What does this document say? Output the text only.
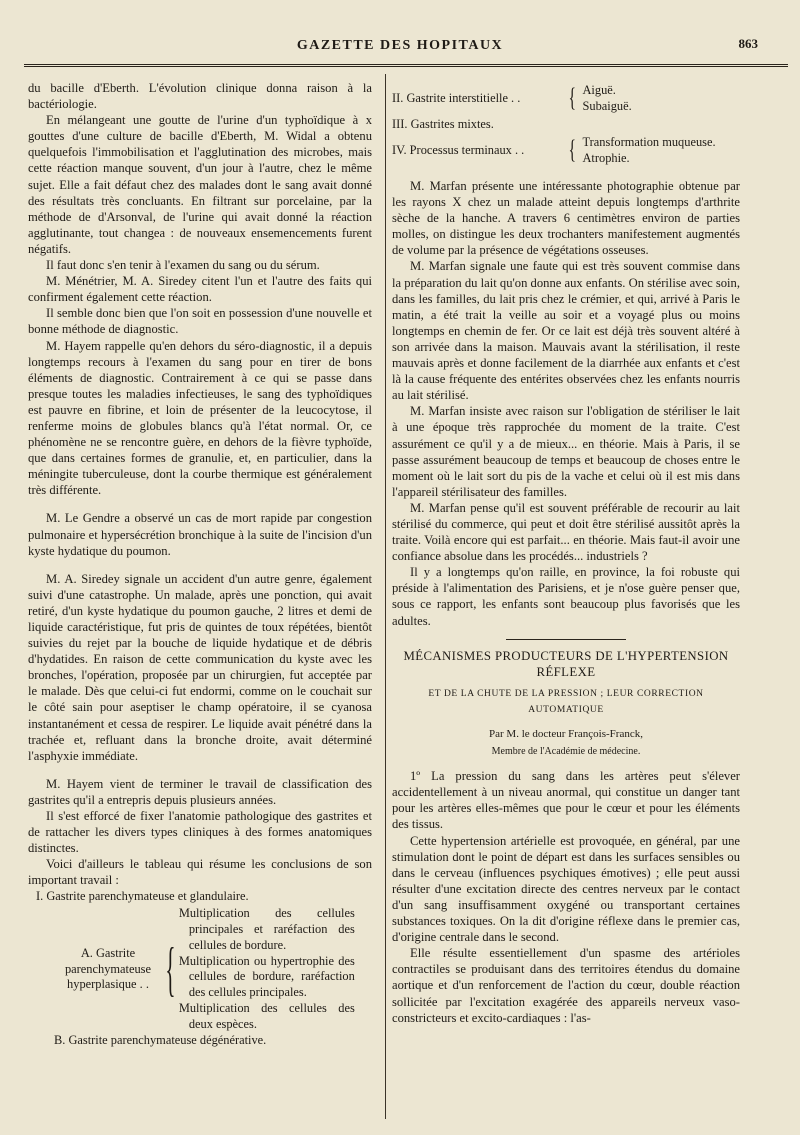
GAZETTE DES HOPITAUX	863

du bacille d'Eberth. L'évolution clinique donna raison à la bactériologie.

En mélangeant une goutte de l'urine d'un typhoïdique à x gouttes d'une culture de bacille d'Eberth, M. Widal a obtenu quelquefois l'immobilisation et l'agglutination des microbes, mais cette réaction manque souvent, d'un jour à l'autre, chez le même sujet. Elle a fait défaut chez des malades dont le sang avait donné des résultats très concluants. En filtrant sur porcelaine, par la méthode de d'Arsonval, de l'urine qui avait donné la réaction agglutinante, tout changea : de nouveaux ensemencements furent négatifs.

Il faut donc s'en tenir à l'examen du sang ou du sérum.

M. Ménétrier, M. A. Siredey citent l'un et l'autre des faits qui confirment également cette réaction.

Il semble donc bien que l'on soit en possession d'une nouvelle et bonne méthode de diagnostic.

M. Hayem rappelle qu'en dehors du séro-diagnostic, il a depuis longtemps recours à l'examen du sang pour en tirer de bons éléments de diagnostic. Contrairement à ce qui se passe dans presque toutes les maladies infectieuses, le sang des typhoïdiques est pauvre en fibrine, et loin de présenter de la leucocytose, il renferme moins de globules blancs qu'à l'état normal. Or, ce phénomène ne se rencontre guère, en dehors de la fièvre typhoïde, que dans certaines formes de granulie, et, en particulier, dans la méningite tuberculeuse, dont la courbe thermique est généralement très différente.

M. Le Gendre a observé un cas de mort rapide par congestion pulmonaire et hypersécrétion bronchique à la suite de l'incision d'un kyste hydatique du poumon.

M. A. Siredey signale un accident d'un autre genre, également suivi d'une catastrophe. Un malade, après une ponction, qui avait retiré, d'un kyste hydatique du poumon gauche, 2 litres et demi de liquide caractéristique, fut pris de quintes de toux répétées, bientôt suivies du rejet par la bouche de liquide hydatique et de débris d'hydatides. En raison de cette communication du kyste avec les bronches, l'opération, proposée par un chirurgien, fut acceptée par le malade. Dès que celui-ci fut endormi, comme on le couchait sur le côté sain pour aseptiser le champ opératoire, il se cyanosa instantanément et cessa de respirer. Le liquide avait pénétré dans la trachée et, refluant dans la bronche droite, avait déterminé l'asphyxie immédiate.

M. Hayem vient de terminer le travail de classification des gastrites qu'il a entrepris depuis plusieurs années.

Il s'est efforcé de fixer l'anatomie pathologique des gastrites et de rattacher les divers types cliniques à des formes anatomiques distinctes.

Voici d'ailleurs le tableau qui résume les conclusions de son important travail :

I. Gastrite parenchymateuse et glandulaire.
A. Gastrite parenchymateuse hyperplasique . . {
Multiplication des cellules principales et raréfaction des cellules de bordure.
Multiplication ou hypertrophie des cellules de bordure, raréfaction des cellules principales.
Multiplication des cellules des deux espèces.
B. Gastrite parenchymateuse dégénérative.
II. Gastrite interstitielle . .	{ Aiguë.
Subaiguë.
III. Gastrites mixtes.
IV. Processus terminaux . .	{ Transformation muqueuse.
Atrophie.

M. Marfan présente une intéressante photographie obtenue par les rayons X chez un malade atteint depuis longtemps d'arthrite sèche de la hanche. A travers 6 centimètres environ de parties molles, on distingue les deux trochanters manifestement augmentés de volume par la présence de végétations osseuses.

M. Marfan signale une faute qui est très souvent commise dans la préparation du lait qu'on donne aux enfants. On stérilise avec soin, dans les familles, du lait pris chez le crémier, et qui, arrivé à Paris le matin, a été trait la veille au soir et a voyagé plus ou moins longtemps en chemin de fer. Or ce lait est déjà très souvent altéré à son arrivée dans la maison. Mauvais avant la stérilisation, il reste mauvais après et donne facilement de la diarrhée aux enfants et c'est là la cause fréquente des entérites observées chez les enfants nourris au lait stérilisé.

M. Marfan insiste avec raison sur l'obligation de stériliser le lait à une époque très rapprochée du moment de la traite. C'est assurément ce qu'il y a de mieux... en théorie. Mais à Paris, il se passe assurément beaucoup de temps et beaucoup de choses entre le moment où le lait sort du pis de la vache et celui où il est mis dans l'appareil stérilisateur des familles.

M. Marfan pense qu'il est souvent préférable de recourir au lait stérilisé du commerce, qui peut et doit être stérilisé aussitôt après la traite. Voilà encore qui est parfait... en théorie. Mais faut-il avoir une confiance absolue dans les procédés... industriels ?

Il y a longtemps qu'on raille, en province, la foi robuste qui préside à l'alimentation des Parisiens, et je n'ose guère penser que, sous ce rapport, les enfants sont beaucoup plus favorisés que les adultes.

MÉCANISMES PRODUCTEURS DE L'HYPERTENSION RÉFLEXE
ET DE LA CHUTE DE LA PRESSION ; LEUR CORRECTION AUTOMATIQUE
Par M. le docteur François-Franck,
Membre de l'Académie de médecine.

1º La pression du sang dans les artères peut s'élever accidentellement à un niveau anormal, qui constitue un danger tant pour les artères elles-mêmes que pour le cœur et pour les éléments des tissus.

Cette hypertension artérielle est provoquée, en général, par une stimulation dont le point de départ est dans les surfaces sensibles ou dans le cerveau (influences psychiques émotives) ; elle peut aussi résulter d'une excitation directe des centres nerveux par le contact d'un sang insuffisamment oxygéné ou transportant certaines substances toxiques. On la dit d'origine réflexe dans le premier cas, d'origine centrale dans le second.

Elle résulte essentiellement d'un spasme des artérioles contractiles se produisant dans des territoires étendus du domaine aortique et d'un renforcement de l'action du cœur, double réaction sollicitée par l'excitation exagérée des appareils nerveux vaso-constricteurs et excito-cardiaques : l'as-
